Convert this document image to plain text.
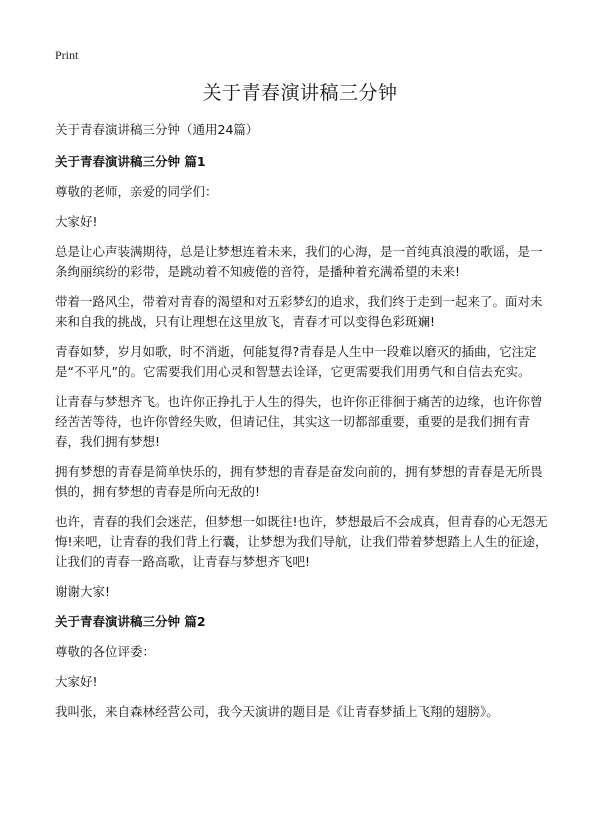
Print
关于青春演讲稿三分钟

关于青春演讲稿三分钟（通用24篇）

关于青春演讲稿三分钟 篇1

尊敬的老师，亲爱的同学们：

大家好!

总是让心声装满期待，总是让梦想连着未来，我们的心海，是一首纯真浪漫的歌谣，是一条绚丽缤纷的彩带，是跳动着不知疲倦的音符，是播种着充满希望的未来!

带着一路风尘，带着对青春的渴望和对五彩梦幻的追求，我们终于走到一起来了。面对未来和自我的挑战，只有让理想在这里放飞，青春才可以变得色彩斑斓!

青春如梦，岁月如歌，时不消逝，何能复得?青春是人生中一段难以磨灭的插曲，它注定是“不平凡”的。它需要我们用心灵和智慧去诠译，它更需要我们用勇气和自信去充实。

让青春与梦想齐飞。也许你正挣扎于人生的得失，也许你正徘徊于痛苦的边缘，也许你曾经苦苦等待，也许你曾经失败，但请记住，其实这一切都部重要，重要的是我们拥有青春，我们拥有梦想!

拥有梦想的青春是简单快乐的，拥有梦想的青春是奋发向前的，拥有梦想的青春是无所畏惧的，拥有梦想的青春是所向无敌的!

也许，青春的我们会迷茫，但梦想一如既往!也许，梦想最后不会成真，但青春的心无怨无悔!来吧，让青春的我们背上行囊，让梦想为我们导航，让我们带着梦想踏上人生的征途，让我们的青春一路高歌，让青春与梦想齐飞吧!

谢谢大家!

关于青春演讲稿三分钟 篇2

尊敬的各位评委：

大家好!

我叫张，来自森林经营公司，我今天演讲的题目是《让青春梦插上飞翔的翅膀》。
